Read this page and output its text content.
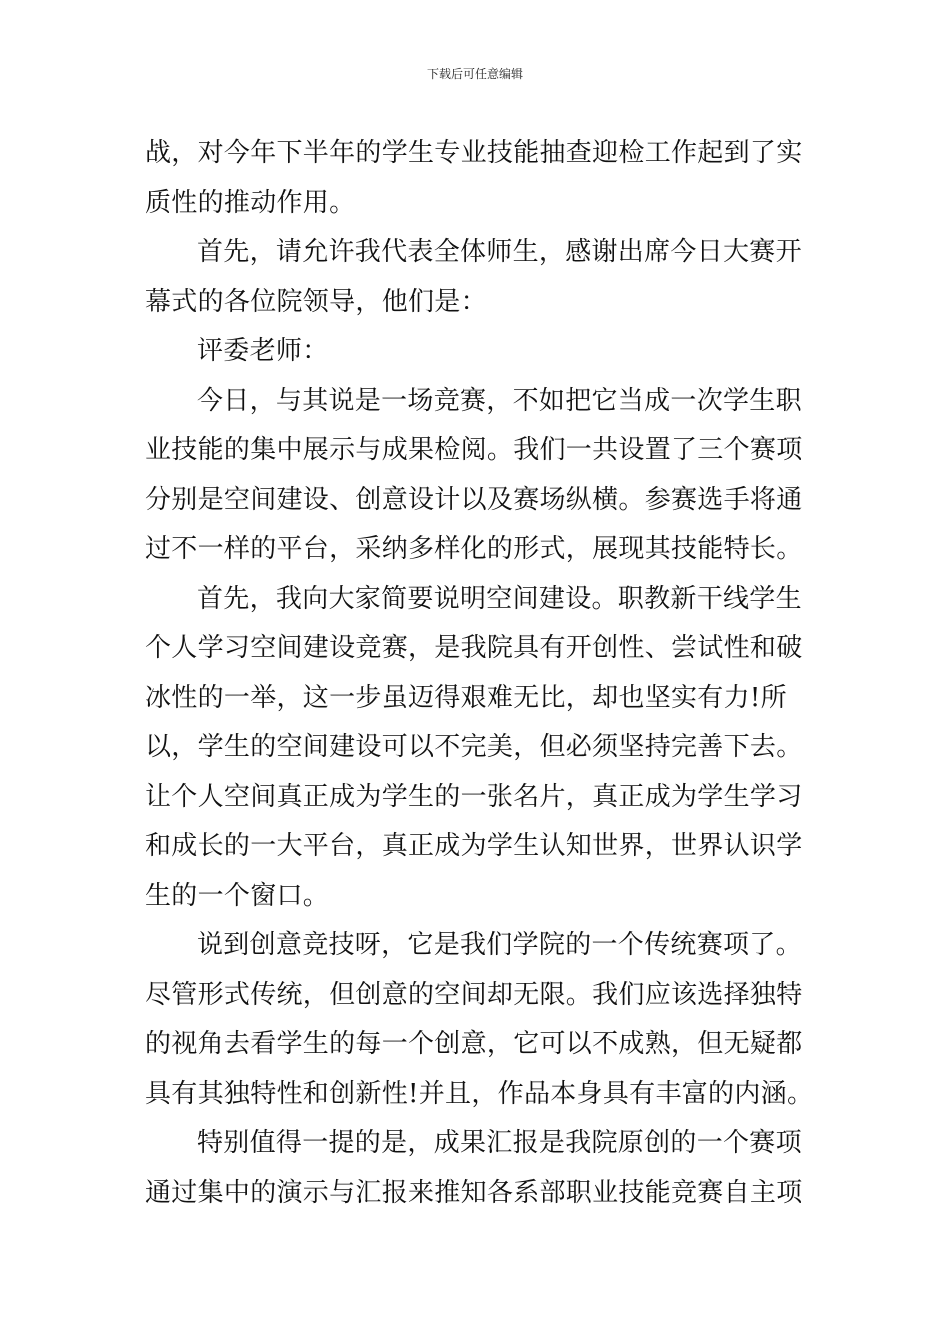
下载后可任意编辑

战，对今年下半年的学生专业技能抽查迎检工作起到了实质性的推动作用。

首先，请允许我代表全体师生，感谢出席今日大赛开幕式的各位院领导，他们是：

评委老师：

今日，与其说是一场竞赛，不如把它当成一次学生职业技能的集中展示与成果检阅。我们一共设置了三个赛项分别是空间建设、创意设计以及赛场纵横。参赛选手将通过不一样的平台，采纳多样化的形式，展现其技能特长。

首先，我向大家简要说明空间建设。职教新干线学生个人学习空间建设竞赛，是我院具有开创性、尝试性和破冰性的一举，这一步虽迈得艰难无比，却也坚实有力!所以，学生的空间建设可以不完美，但必须坚持完善下去。让个人空间真正成为学生的一张名片，真正成为学生学习和成长的一大平台，真正成为学生认知世界，世界认识学生的一个窗口。

说到创意竞技呀，它是我们学院的一个传统赛项了。尽管形式传统，但创意的空间却无限。我们应该选择独特的视角去看学生的每一个创意，它可以不成熟，但无疑都具有其独特性和创新性!并且，作品本身具有丰富的内涵。

特别值得一提的是，成果汇报是我院原创的一个赛项通过集中的演示与汇报来推知各系部职业技能竞赛自主项
